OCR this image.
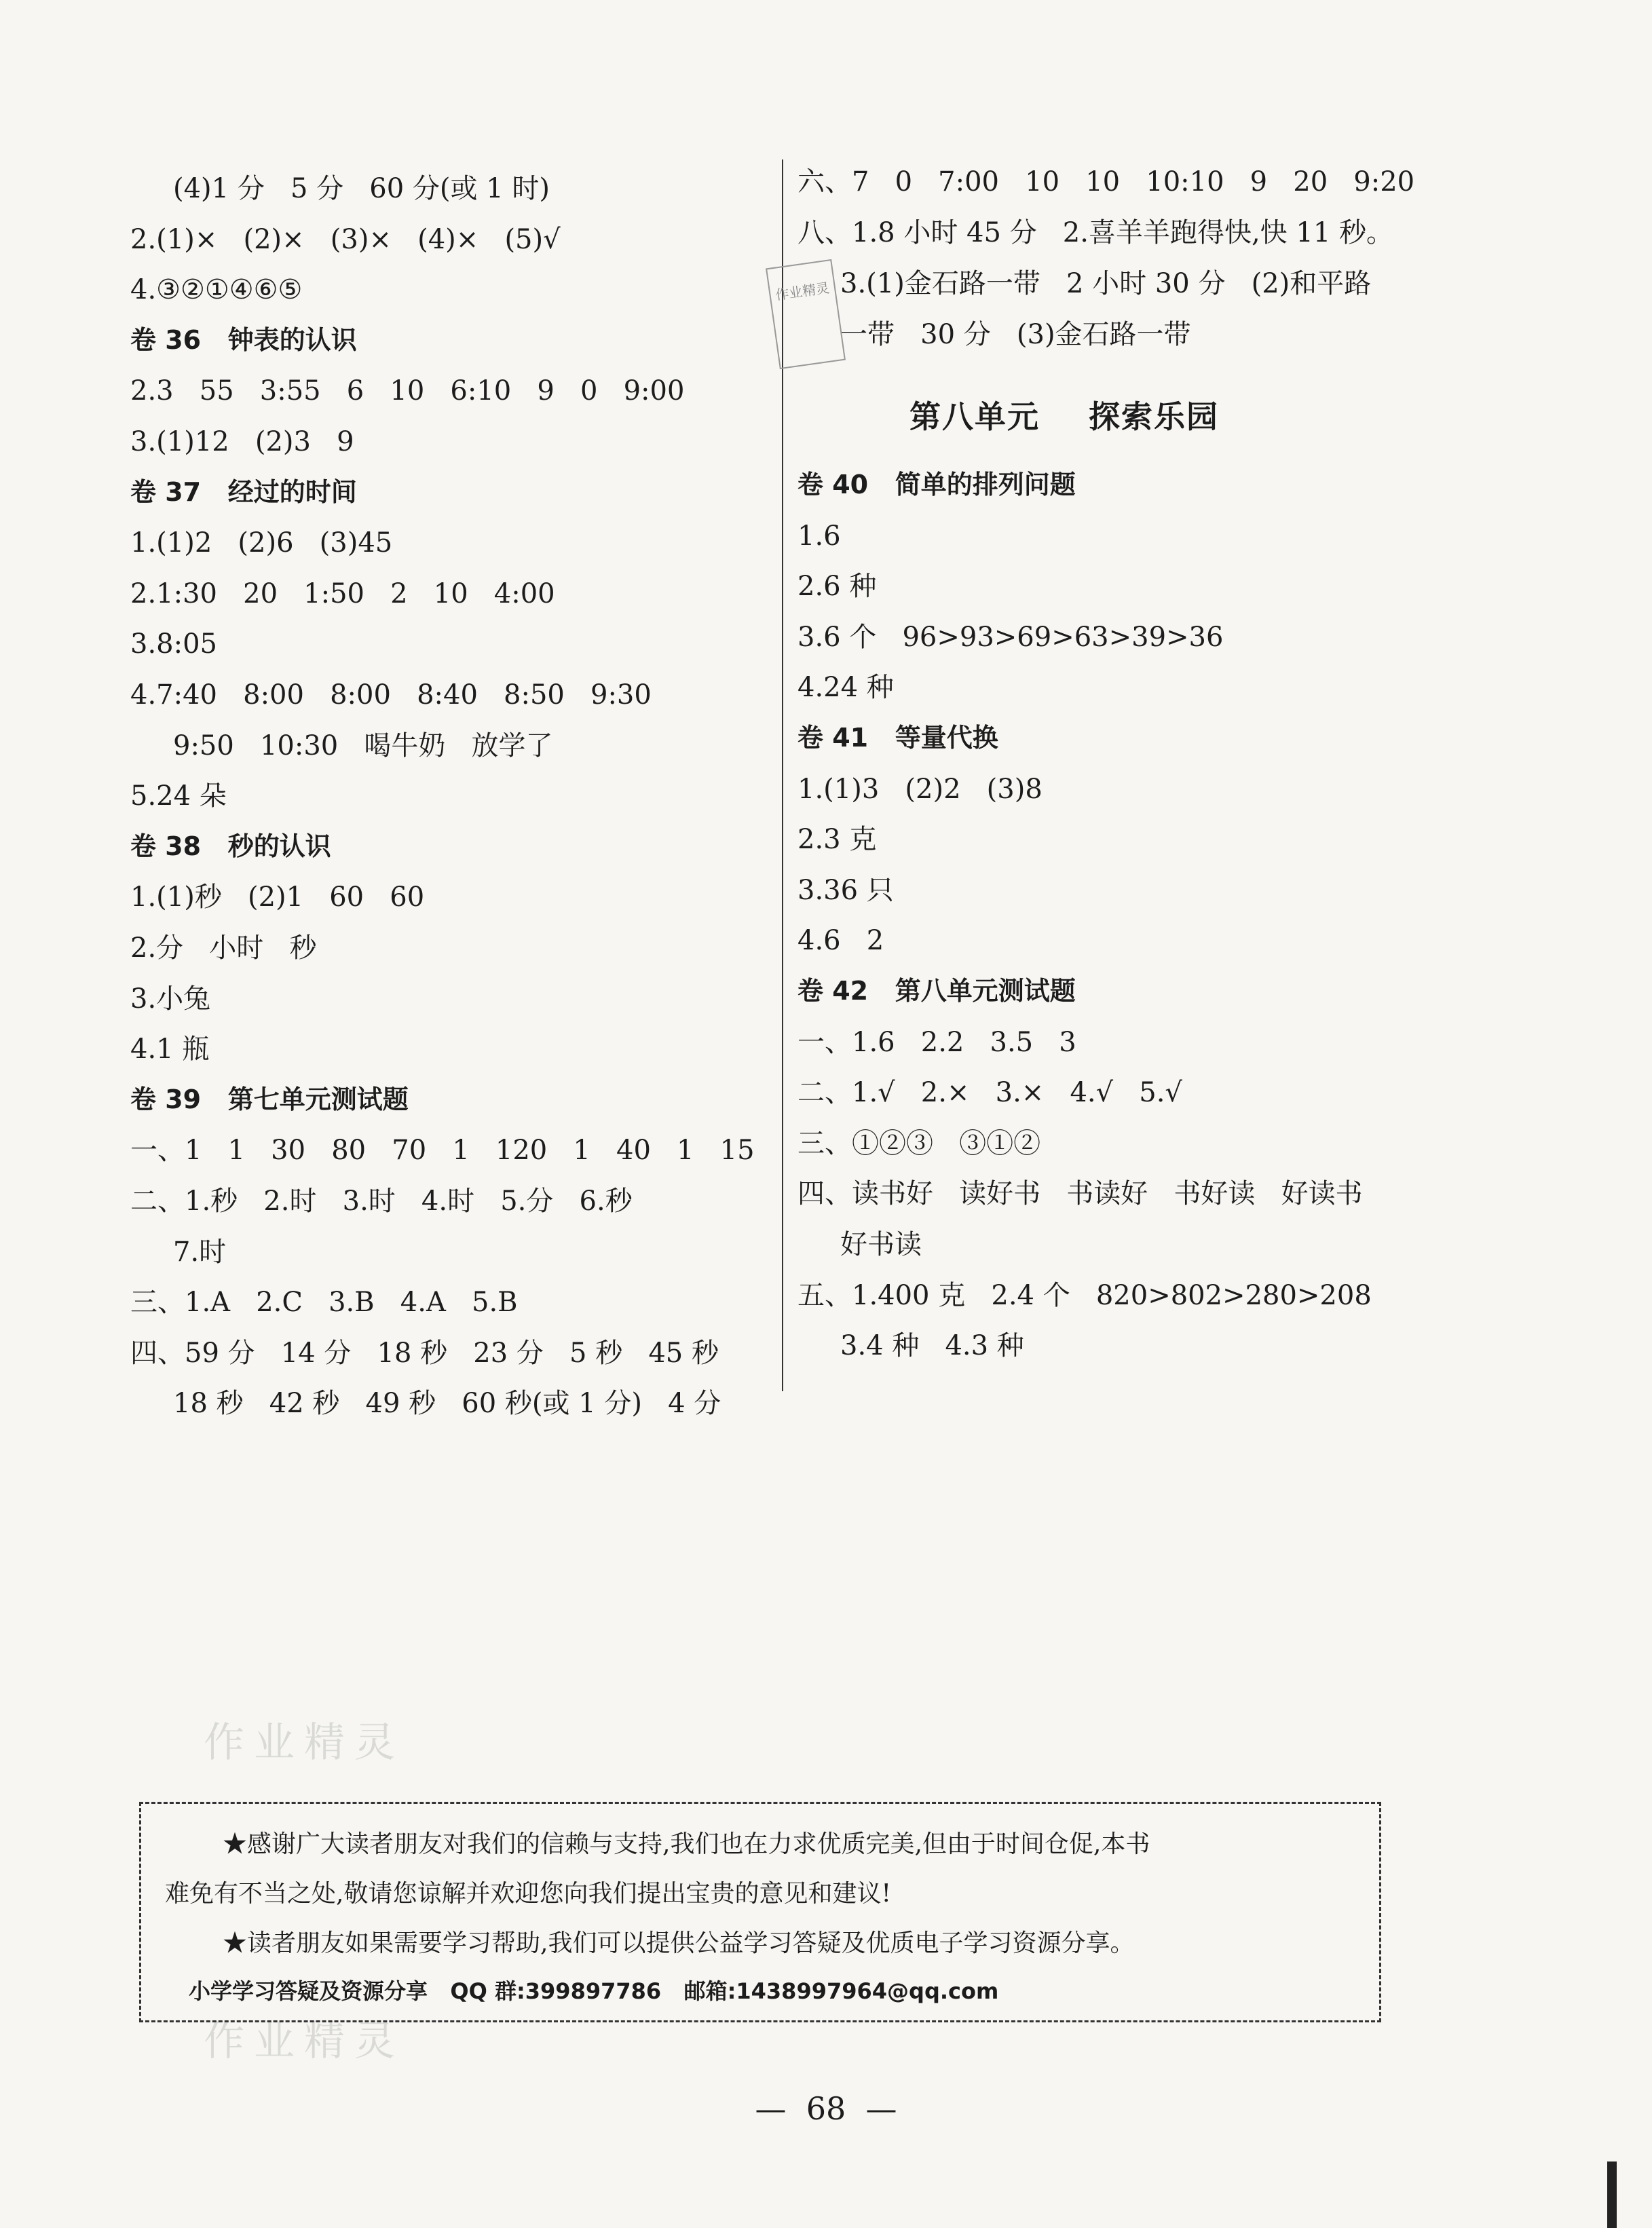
(4)1 分   5 分   60 分(或 1 时)
2.(1)×   (2)×   (3)×   (4)×   (5)√
4.③②①④⑥⑤
卷 36   钟表的认识
2.3   55   3:55   6   10   6:10   9   0   9:00
3.(1)12   (2)3   9
卷 37   经过的时间
1.(1)2   (2)6   (3)45
2.1:30   20   1:50   2   10   4:00
3.8:05
4.7:40   8:00   8:00   8:40   8:50   9:30
9:50   10:30   喝牛奶   放学了
5.24 朵
卷 38   秒的认识
1.(1)秒   (2)1   60   60
2.分   小时   秒
3.小兔
4.1 瓶
卷 39   第七单元测试题
一、1   1   30   80   70   1   120   1   40   1   15
二、1.秒   2.时   3.时   4.时   5.分   6.秒
7.时
三、1.A   2.C   3.B   4.A   5.B
四、59 分   14 分   18 秒   23 分   5 秒   45 秒
18 秒   42 秒   49 秒   60 秒(或 1 分)   4 分
六、7   0   7:00   10   10   10:10   9   20   9:20
八、1.8 小时 45 分   2.喜羊羊跑得快,快 11 秒。
3.(1)金石路一带   2 小时 30 分   (2)和平路
一带   30 分   (3)金石路一带
第八单元    探索乐园
卷 40   简单的排列问题
1.6
2.6 种
3.6 个   96>93>69>63>39>36
4.24 种
卷 41   等量代换
1.(1)3   (2)2   (3)8
2.3 克
3.36 只
4.6   2
卷 42   第八单元测试题
一、1.6   2.2   3.5   3
二、1.√   2.×   3.×   4.√   5.√
三、①②③   ③①②
四、读书好   读好书   书读好   书好读   好读书
好书读
五、1.400 克   2.4 个   820>802>280>208
3.4 种   4.3 种
作业精灵
作业精灵
作业精灵
★感谢广大读者朋友对我们的信赖与支持,我们也在力求优质完美,但由于时间仓促,本书
难免有不当之处,敬请您谅解并欢迎您向我们提出宝贵的意见和建议!
★读者朋友如果需要学习帮助,我们可以提供公益学习答疑及优质电子学习资源分享。
小学学习答疑及资源分享   QQ 群:399897786   邮箱:1438997964@qq.com
—  68  —
